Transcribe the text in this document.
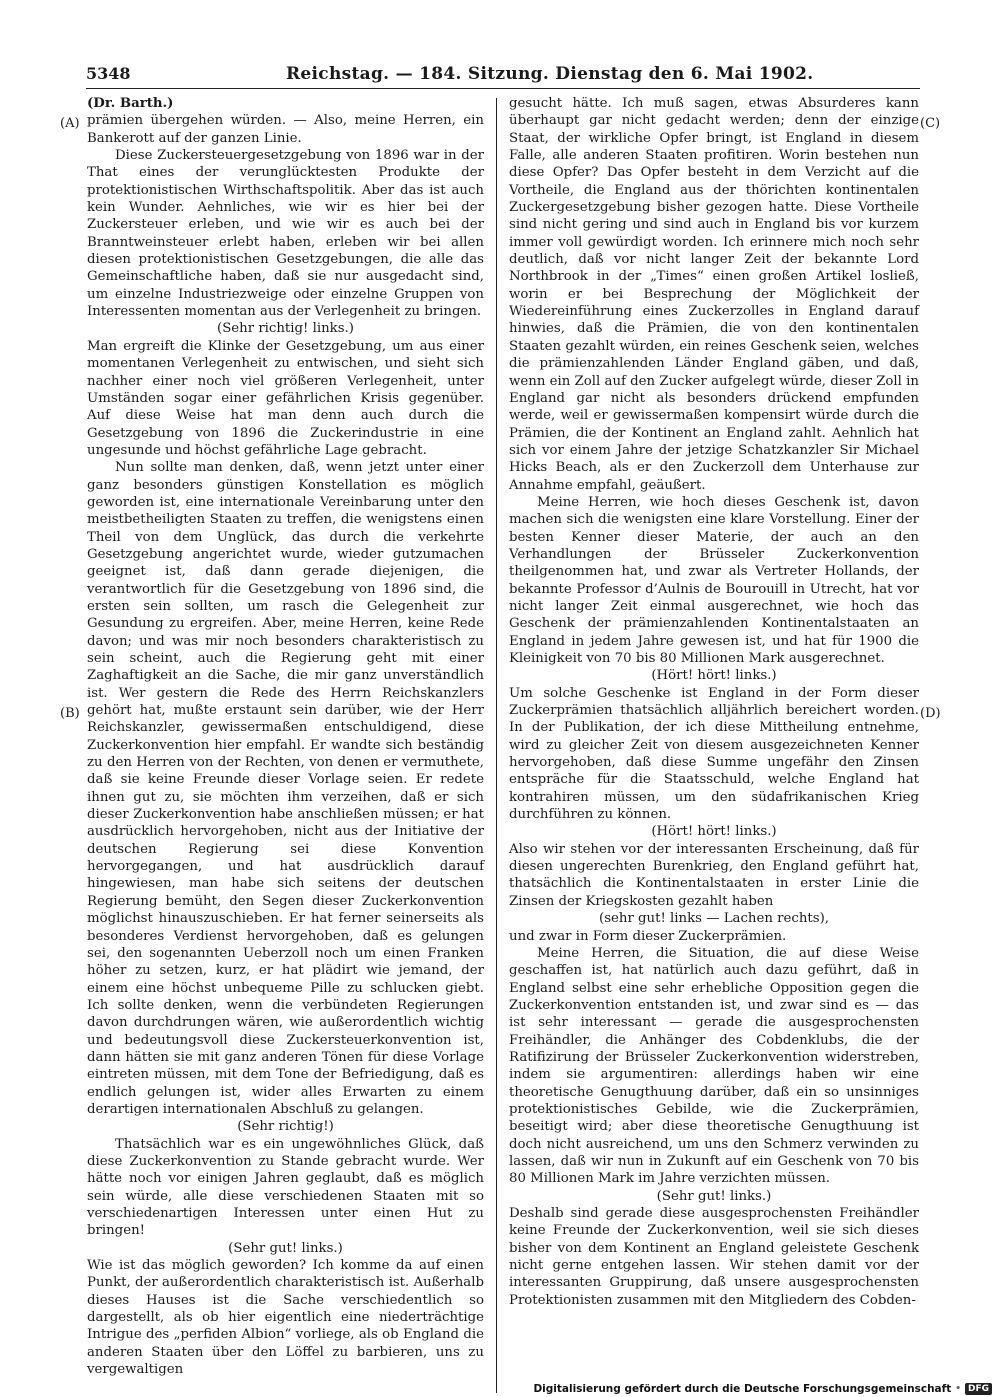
5348	Reichstag. — 184. Sitzung. Dienstag den 6. Mai 1902.

(Dr. Barth.)

prämien übergehen würden. — Also, meine Herren, ein Bankerott auf der ganzen Linie.

Diese Zuckersteuergesetzgebung von 1896 war in der That eines der verunglücktesten Produkte der protektionistischen Wirthschaftspolitik. Aber das ist auch kein Wunder. Aehnliches, wie wir es hier bei der Zuckersteuer erleben, und wie wir es auch bei der Branntweinsteuer erlebt haben, erleben wir bei allen diesen protektionistischen Gesetzgebungen, die alle das Gemeinschaftliche haben, daß sie nur ausgedacht sind, um einzelne Industriezweige oder einzelne Gruppen von Interessenten momentan aus der Verlegenheit zu bringen.

(Sehr richtig! links.)

Man ergreift die Klinke der Gesetzgebung, um aus einer momentanen Verlegenheit zu entwischen, und sieht sich nachher einer noch viel größeren Verlegenheit, unter Umständen sogar einer gefährlichen Krisis gegenüber. Auf diese Weise hat man denn auch durch die Gesetzgebung von 1896 die Zuckerindustrie in eine ungesunde und höchst gefährliche Lage gebracht.

Nun sollte man denken, daß, wenn jetzt unter einer ganz besonders günstigen Konstellation es möglich geworden ist, eine internationale Vereinbarung unter den meistbetheiligten Staaten zu treffen, die wenigstens einen Theil von dem Unglück, das durch die verkehrte Gesetzgebung angerichtet wurde, wieder gutzumachen geeignet ist, daß dann gerade diejenigen, die verantwortlich für die Gesetzgebung von 1896 sind, die ersten sein sollten, um rasch die Gelegenheit zur Gesundung zu ergreifen. Aber, meine Herren, keine Rede davon; und was mir noch besonders charakteristisch zu sein scheint, auch die Regierung geht mit einer Zaghaftigkeit an die Sache, die mir ganz unverständlich ist. Wer gestern die Rede des Herrn Reichskanzlers gehört hat, mußte erstaunt sein darüber, wie der Herr Reichskanzler, gewissermaßen entschuldigend, diese Zuckerkonvention hier empfahl. Er wandte sich beständig zu den Herren von der Rechten, von denen er vermuthete, daß sie keine Freunde dieser Vorlage seien. Er redete ihnen gut zu, sie möchten ihm verzeihen, daß er sich dieser Zuckerkonvention habe anschließen müssen; er hat ausdrücklich hervorgehoben, nicht aus der Initiative der deutschen Regierung sei diese Konvention hervorgegangen, und hat ausdrücklich darauf hingewiesen, man habe sich seitens der deutschen Regierung bemüht, den Segen dieser Zuckerkonvention möglichst hinauszuschieben. Er hat ferner seinerseits als besonderes Verdienst hervorgehoben, daß es gelungen sei, den sogenannten Ueberzoll noch um einen Franken höher zu setzen, kurz, er hat plädirt wie jemand, der einem eine höchst unbequeme Pille zu schlucken giebt. Ich sollte denken, wenn die verbündeten Regierungen davon durchdrungen wären, wie außerordentlich wichtig und bedeutungsvoll diese Zuckersteuerkonvention ist, dann hätten sie mit ganz anderen Tönen für diese Vorlage eintreten müssen, mit dem Tone der Befriedigung, daß es endlich gelungen ist, wider alles Erwarten zu einem derartigen internationalen Abschluß zu gelangen.

(Sehr richtig!)

Thatsächlich war es ein ungewöhnliches Glück, daß diese Zuckerkonvention zu Stande gebracht wurde. Wer hätte noch vor einigen Jahren geglaubt, daß es möglich sein würde, alle diese verschiedenen Staaten mit so verschiedenartigen Interessen unter einen Hut zu bringen!

(Sehr gut! links.)

Wie ist das möglich geworden? Ich komme da auf einen Punkt, der außerordentlich charakteristisch ist. Außerhalb dieses Hauses ist die Sache verschiedentlich so dargestellt, als ob hier eigentlich eine niederträchtige Intrigue des „perfiden Albion“ vorliege, als ob England die anderen Staaten über den Löffel zu barbieren, uns zu vergewaltigen

gesucht hätte. Ich muß sagen, etwas Absurderes kann überhaupt gar nicht gedacht werden; denn der einzige Staat, der wirkliche Opfer bringt, ist England in diesem Falle, alle anderen Staaten profitiren. Worin bestehen nun diese Opfer? Das Opfer besteht in dem Verzicht auf die Vortheile, die England aus der thörichten kontinentalen Zuckergesetzgebung bisher gezogen hatte. Diese Vortheile sind nicht gering und sind auch in England bis vor kurzem immer voll gewürdigt worden. Ich erinnere mich noch sehr deutlich, daß vor nicht langer Zeit der bekannte Lord Northbrook in der „Times“ einen großen Artikel losließ, worin er bei Besprechung der Möglichkeit der Wiedereinführung eines Zuckerzolles in England darauf hinwies, daß die Prämien, die von den kontinentalen Staaten gezahlt würden, ein reines Geschenk seien, welches die prämienzahlenden Länder England gäben, und daß, wenn ein Zoll auf den Zucker aufgelegt würde, dieser Zoll in England gar nicht als besonders drückend empfunden werde, weil er gewissermaßen kompensirt würde durch die Prämien, die der Kontinent an England zahlt. Aehnlich hat sich vor einem Jahre der jetzige Schatzkanzler Sir Michael Hicks Beach, als er den Zuckerzoll dem Unterhause zur Annahme empfahl, geäußert.

Meine Herren, wie hoch dieses Geschenk ist, davon machen sich die wenigsten eine klare Vorstellung. Einer der besten Kenner dieser Materie, der auch an den Verhandlungen der Brüsseler Zuckerkonvention theilgenommen hat, und zwar als Vertreter Hollands, der bekannte Professor d’Aulnis de Bourouill in Utrecht, hat vor nicht langer Zeit einmal ausgerechnet, wie hoch das Geschenk der prämienzahlenden Kontinentalstaaten an England in jedem Jahre gewesen ist, und hat für 1900 die Kleinigkeit von 70 bis 80 Millionen Mark ausgerechnet.

(Hört! hört! links.)

Um solche Geschenke ist England in der Form dieser Zuckerprämien thatsächlich alljährlich bereichert worden. In der Publikation, der ich diese Mittheilung entnehme, wird zu gleicher Zeit von diesem ausgezeichneten Kenner hervorgehoben, daß diese Summe ungefähr den Zinsen entspräche für die Staatsschuld, welche England hat kontrahiren müssen, um den südafrikanischen Krieg durchführen zu können.

(Hört! hört! links.)

Also wir stehen vor der interessanten Erscheinung, daß für diesen ungerechten Burenkrieg, den England geführt hat, thatsächlich die Kontinentalstaaten in erster Linie die Zinsen der Kriegskosten gezahlt haben

(sehr gut! links — Lachen rechts),

und zwar in Form dieser Zuckerprämien.

Meine Herren, die Situation, die auf diese Weise geschaffen ist, hat natürlich auch dazu geführt, daß in England selbst eine sehr erhebliche Opposition gegen die Zuckerkonvention entstanden ist, und zwar sind es — das ist sehr interessant — gerade die ausgesprochensten Freihändler, die Anhänger des Cobdenklubs, die der Ratifizirung der Brüsseler Zuckerkonvention widerstreben, indem sie argumentiren: allerdings haben wir eine theoretische Genugthuung darüber, daß ein so unsinniges protektionistisches Gebilde, wie die Zuckerprämien, beseitigt wird; aber diese theoretische Genugthuung ist doch nicht ausreichend, um uns den Schmerz verwinden zu lassen, daß wir nun in Zukunft auf ein Geschenk von 70 bis 80 Millionen Mark im Jahre verzichten müssen.

(Sehr gut! links.)

Deshalb sind gerade diese ausgesprochensten Freihändler keine Freunde der Zuckerkonvention, weil sie sich dieses bisher von dem Kontinent an England geleistete Geschenk nicht gerne entgehen lassen. Wir stehen damit vor der interessanten Gruppirung, daß unsere ausgesprochensten Protektionisten zusammen mit den Mitgliedern des Cobden-

(A)	(C)
(B)	(D)
Digitalisierung gefördert durch die Deutsche Forschungsgemeinschaft • DFG
